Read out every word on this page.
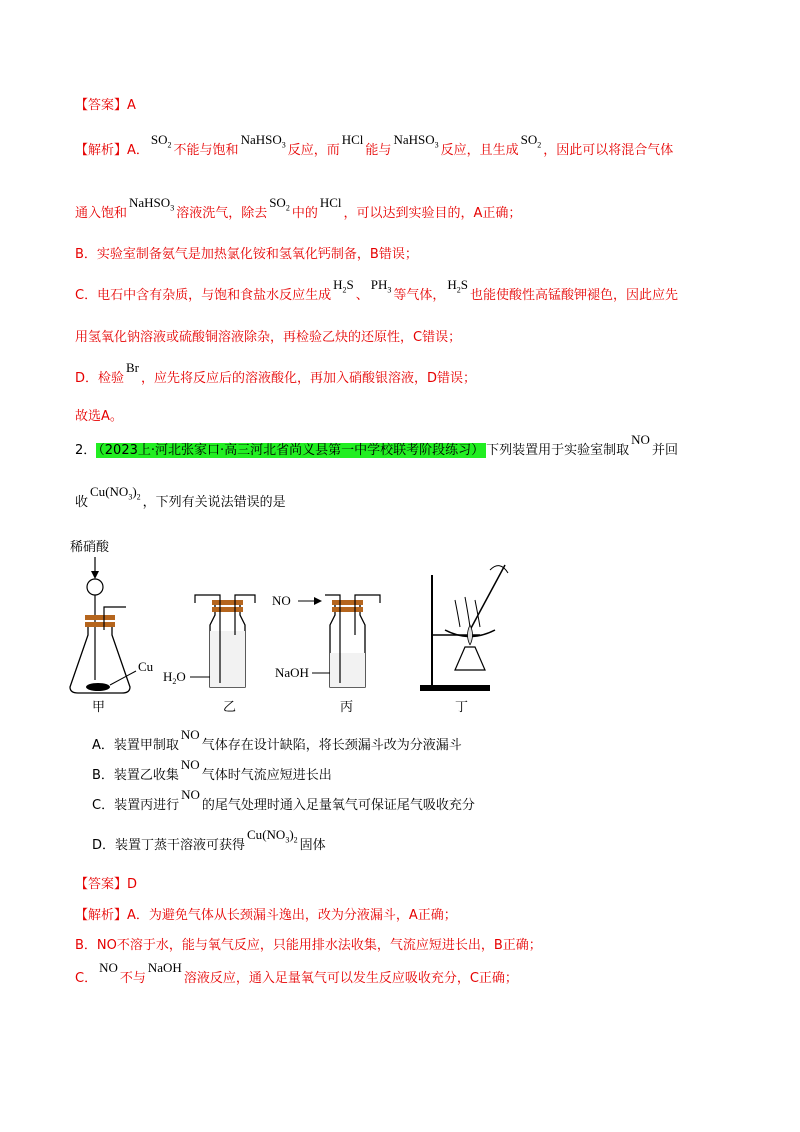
【答案】A
【解析】A．$SO_2$ 不能与饱和NaHSO$_3$ 反应，而HCl能与NaHSO$_3$ 反应，且生成$SO_2$ ，因此可以将混合气体
通入饱和NaHSO$_3$ 溶液洗气，除去$SO_2$ 中的HCl，可以达到实验目的，A正确；
B．实验室制备氨气是加热氯化铵和氢氧化钙制备，B错误；
C．电石中含有杂质，与饱和食盐水反应生成$H_2S$、$PH_3$ 等气体，$H_2S$也能使酸性高锰酸钾褪色，因此应先
用氢氧化钠溶液或硫酸铜溶液除杂，再检验乙炔的还原性，C错误；
D．检验Br，应先将反应后的溶液酸化，再加入硝酸银溶液，D错误；
故选A。
2． （2023上·河北张家口·高三河北省尚义县第一中学校联考阶段练习） 下列装置用于实验室制取NO并回
收$Cu(NO_3)_2$ ，下列有关说法错误的是
稀硝酸
Cu
甲
$H_2O$
乙
NO
NaOH
丙	丁
A．装置甲制取NO气体存在设计缺陷，将长颈漏斗改为分液漏斗
B．装置乙收集NO气体时气流应短进长出
C．装置丙进行NO的尾气处理时通入足量氧气可保证尾气吸收充分
D．装置丁蒸干溶液可获得$Cu(NO_3)_2$ 固体
【答案】D
【解析】A．为避免气体从长颈漏斗逸出，改为分液漏斗，A正确；
B．NO不溶于水，能与氧气反应，只能用排水法收集，气流应短进长出，B正确；
C．NO不与NaOH溶液反应，通入足量氧气可以发生反应吸收充分，C正确；
